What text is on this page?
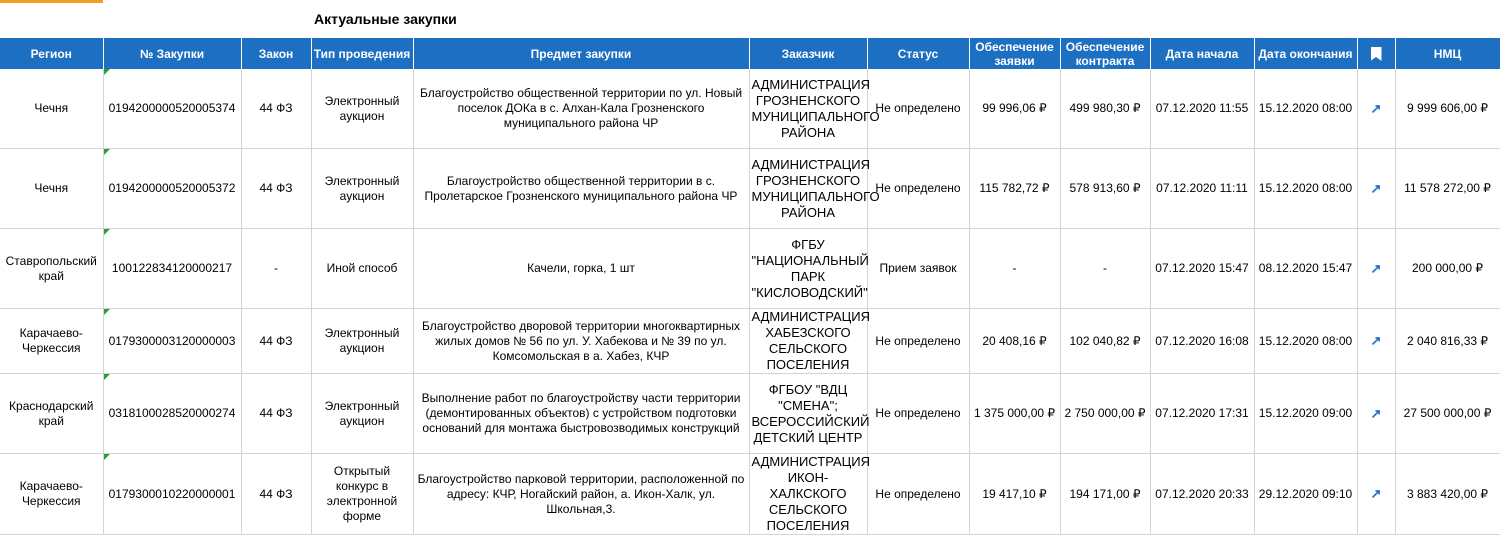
Актуальные закупки
Регион	№ Закупки	Закон	Тип проведения	Предмет закупки	Заказчик	Статус	Обеспечение заявки	Обеспечение контракта	Дата начала	Дата окончания		НМЦ
Чечня	0194200000520005374	44 ФЗ	Электронный аукцион	Благоустройство общественной территории по ул. Новый поселок ДОКа в с. Алхан-Кала Грозненского муниципального района ЧР	АДМИНИСТРАЦИЯ ГРОЗНЕНСКОГО МУНИЦИПАЛЬНОГО РАЙОНА	Не определено	99 996,06 ₽	499 980,30 ₽	07.12.2020 11:55	15.12.2020 08:00	↗	9 999 606,00 ₽
Чечня	0194200000520005372	44 ФЗ	Электронный аукцион	Благоустройство общественной территории в с. Пролетарское Грозненского муниципального района ЧР	АДМИНИСТРАЦИЯ ГРОЗНЕНСКОГО МУНИЦИПАЛЬНОГО РАЙОНА	Не определено	115 782,72 ₽	578 913,60 ₽	07.12.2020 11:11	15.12.2020 08:00	↗	11 578 272,00 ₽
Ставропольский край	100122834120000217	-	Иной способ	Качели, горка, 1 шт	ФГБУ "НАЦИОНАЛЬНЫЙ ПАРК "КИСЛОВОДСКИЙ"	Прием заявок	-	-	07.12.2020 15:47	08.12.2020 15:47	↗	200 000,00 ₽
Карачаево-Черкессия	0179300003120000003	44 ФЗ	Электронный аукцион	Благоустройство дворовой территории многоквартирных жилых домов № 56 по ул. У. Хабекова и № 39 по ул. Комсомольская в а. Хабез, КЧР	АДМИНИСТРАЦИЯ ХАБЕЗСКОГО СЕЛЬСКОГО ПОСЕЛЕНИЯ	Не определено	20 408,16 ₽	102 040,82 ₽	07.12.2020 16:08	15.12.2020 08:00	↗	2 040 816,33 ₽
Краснодарский край	0318100028520000274	44 ФЗ	Электронный аукцион	Выполнение работ по благоустройству части территории (демонтированных объектов) с устройством подготовки оснований для монтажа быстровозводимых конструкций	ФГБОУ "ВДЦ "СМЕНА"; ВСЕРОССИЙСКИЙ ДЕТСКИЙ ЦЕНТР	Не определено	1 375 000,00 ₽	2 750 000,00 ₽	07.12.2020 17:31	15.12.2020 09:00	↗	27 500 000,00 ₽
Карачаево-Черкессия	0179300010220000001	44 ФЗ	Открытый конкурс в электронной форме	Благоустройство парковой территории, расположенной по адресу: КЧР, Ногайский район, а. Икон-Халк, ул. Школьная,3.	АДМИНИСТРАЦИЯ ИКОН-ХАЛКСКОГО СЕЛЬСКОГО ПОСЕЛЕНИЯ	Не определено	19 417,10 ₽	194 171,00 ₽	07.12.2020 20:33	29.12.2020 09:10	↗	3 883 420,00 ₽
